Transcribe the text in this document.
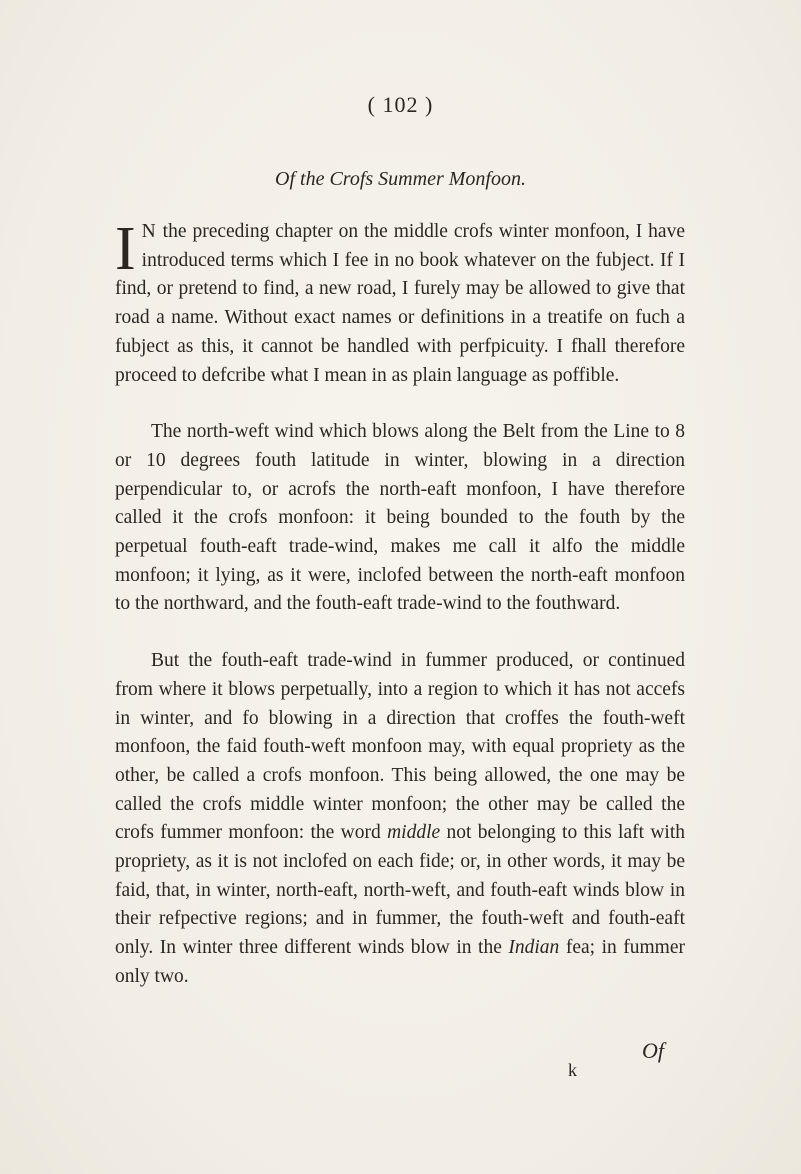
( 102 )
Of the Crofs Summer Monfoon.

I N the preceding chapter on the middle crofs winter monfoon, I have introduced terms which I fee in no book whatever on the fubject. If I find, or pretend to find, a new road, I furely may be allowed to give that road a name. Without exact names or definitions in a treatife on fuch a fubject as this, it cannot be handled with perfpicuity. I fhall therefore proceed to defcribe what I mean in as plain language as poffible.

The north-weft wind which blows along the Belt from the Line to 8 or 10 degrees fouth latitude in winter, blowing in a direction perpendicular to, or acrofs the north-eaft monfoon, I have therefore called it the crofs monfoon: it being bounded to the fouth by the perpetual fouth-eaft trade-wind, makes me call it alfo the middle monfoon; it lying, as it were, inclofed between the north-eaft monfoon to the northward, and the fouth-eaft trade-wind to the fouthward.

But the fouth-eaft trade-wind in fummer produced, or continued from where it blows perpetually, into a region to which it has not accefs in winter, and fo blowing in a direction that croffes the fouth-weft monfoon, the faid fouth-weft monfoon may, with equal propriety as the other, be called a crofs monfoon. This being allowed, the one may be called the crofs middle winter monfoon; the other may be called the crofs fummer monfoon: the word middle not belonging to this laft with propriety, as it is not inclofed on each fide; or, in other words, it may be faid, that, in winter, north-eaft, north-weft, and fouth-eaft winds blow in their refpective regions; and in fummer, the fouth-weft and fouth-eaft only. In winter three different winds blow in the Indian fea; in fummer only two.

k
Of
